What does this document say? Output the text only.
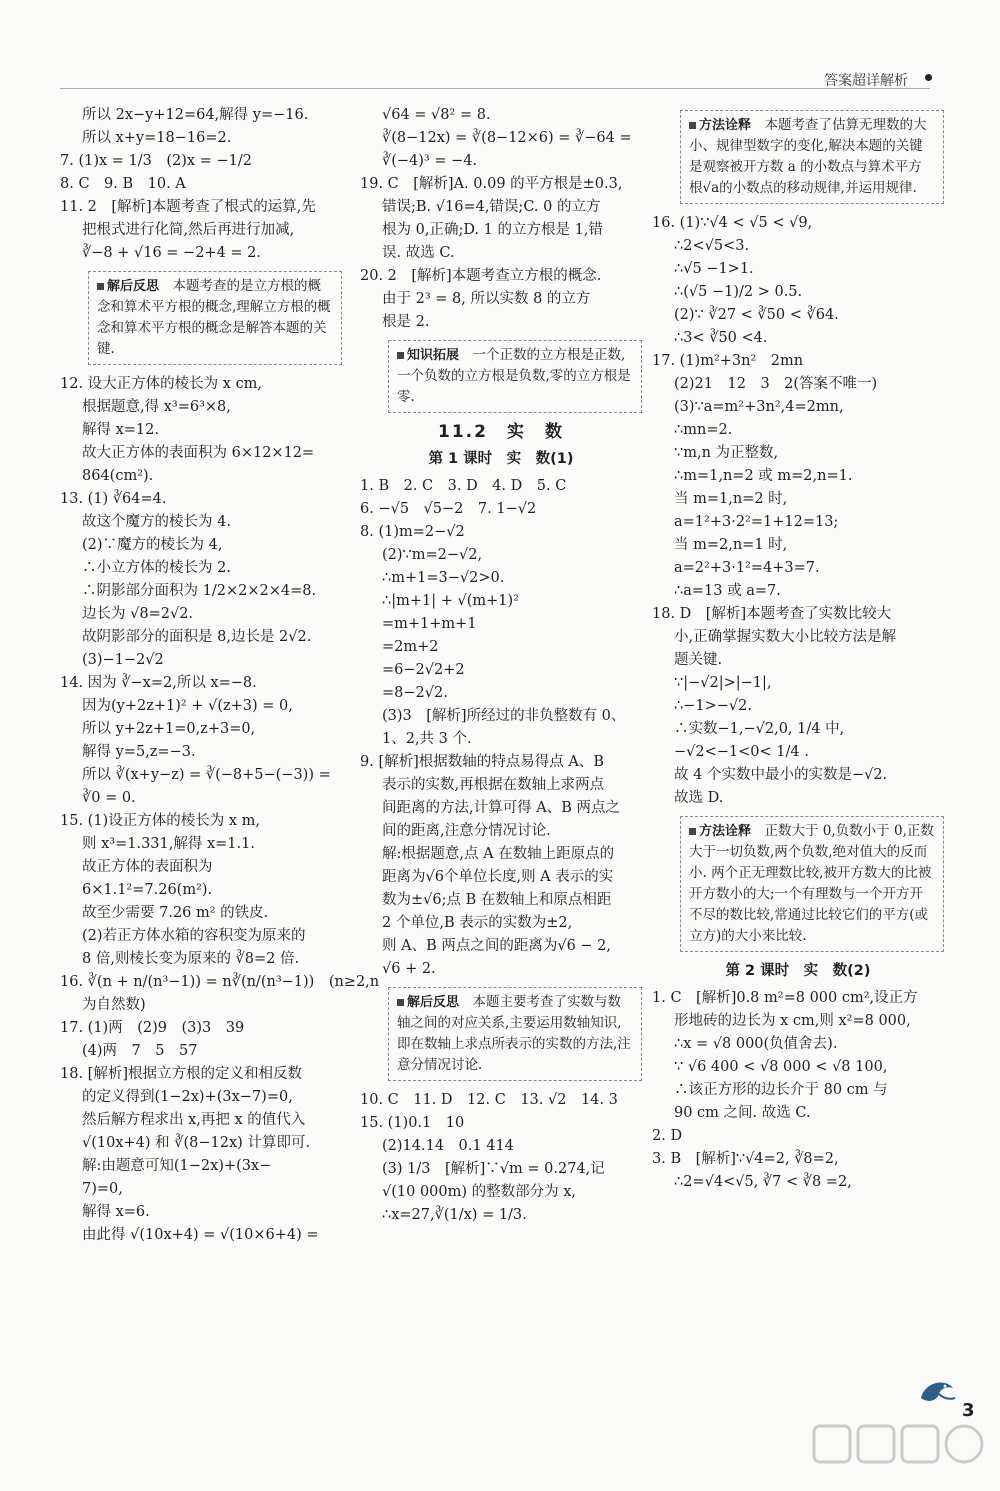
答案超详解析
所以 2x−y+12=64,解得 y=−16.
所以 x+y=18−16=2.
7. (1)x = 1/3　(2)x = −1/2
8. C　9. B　10. A
11. 2　[解析]本题考查了根式的运算,先
把根式进行化简,然后再进行加减,
∛−8 + √16 = −2+4 = 2.
解后反思　本题考查的是立方根的概念和算术平方根的概念,理解立方根的概念和算术平方根的概念是解答本题的关键.
12. 设大正方体的棱长为 x cm,
根据题意,得 x³=6³×8,
解得 x=12.
故大正方体的表面积为 6×12×12=
864(cm²).
13. (1) ∛64=4.
故这个魔方的棱长为 4.
(2)∵魔方的棱长为 4,
∴小立方体的棱长为 2.
∴阴影部分面积为 1/2×2×2×4=8.
边长为 √8=2√2.
故阴影部分的面积是 8,边长是 2√2.
(3)−1−2√2
14. 因为 ∛−x=2,所以 x=−8.
因为(y+2z+1)² + √(z+3) = 0,
所以 y+2z+1=0,z+3=0,
解得 y=5,z=−3.
所以 ∛(x+y−z) = ∛(−8+5−(−3)) =
∛0 = 0.
15. (1)设正方体的棱长为 x m,
则 x³=1.331,解得 x=1.1.
故正方体的表面积为
6×1.1²=7.26(m²).
故至少需要 7.26 m² 的铁皮.
(2)若正方体水箱的容积变为原来的
8 倍,则棱长变为原来的 ∛8=2 倍.
16. ∛(n + n/(n³−1)) = n∛(n/(n³−1))　(n≥2,n
为自然数)
17. (1)两　(2)9　(3)3　39
(4)两　7　5　57
18. [解析]根据立方根的定义和相反数
的定义得到(1−2x)+(3x−7)=0,
然后解方程求出 x,再把 x 的值代入
√(10x+4) 和 ∛(8−12x) 计算即可.
解:由题意可知(1−2x)+(3x−
7)=0,
解得 x=6.
由此得 √(10x+4) = √(10×6+4) =
√64 = √8² = 8.
∛(8−12x) = ∛(8−12×6) = ∛−64 =
∛(−4)³ = −4.
19. C　[解析]A. 0.09 的平方根是±0.3,
错误;B. √16=4,错误;C. 0 的立方
根为 0,正确;D. 1 的立方根是 1,错
误. 故选 C.
20. 2　[解析]本题考查立方根的概念.
由于 2³ = 8, 所以实数 8 的立方
根是 2.
知识拓展　一个正数的立方根是正数,一个负数的立方根是负数,零的立方根是零.
11.2　实　数
第 1 课时　实　数(1)
1. B　2. C　3. D　4. D　5. C
6. −√5　√5−2　7. 1−√2
8. (1)m=2−√2
(2)∵m=2−√2,
∴m+1=3−√2>0.
∴|m+1| + √(m+1)²
=m+1+m+1
=2m+2
=6−2√2+2
=8−2√2.
(3)3　[解析]所经过的非负整数有 0、
1、2,共 3 个.
9. [解析]根据数轴的特点易得点 A、B
表示的实数,再根据在数轴上求两点
间距离的方法,计算可得 A、B 两点之
间的距离,注意分情况讨论.
解:根据题意,点 A 在数轴上距原点的
距离为√6个单位长度,则 A 表示的实
数为±√6;点 B 在数轴上和原点相距
2 个单位,B 表示的实数为±2,
则 A、B 两点之间的距离为√6 − 2,
√6 + 2.
解后反思　本题主要考查了实数与数轴之间的对应关系,主要运用数轴知识,即在数轴上求点所表示的实数的方法,注意分情况讨论.
10. C　11. D　12. C　13. √2　14. 3
15. (1)0.1　10
(2)14.14　0.1 414
(3) 1/3　[解析]∵√m = 0.274,记
√(10 000m) 的整数部分为 x,
∴x=27,∛(1/x) = 1/3.
方法诠释　本题考查了估算无理数的大小、规律型数字的变化,解决本题的关键是观察被开方数 a 的小数点与算术平方根√a的小数点的移动规律,并运用规律.
16. (1)∵√4 < √5 < √9,
∴2<√5<3.
∴√5 −1>1.
∴(√5 −1)/2 > 0.5.
(2)∵ ∛27 < ∛50 < ∛64.
∴3< ∛50 <4.
17. (1)m²+3n²　2mn
(2)21　12　3　2(答案不唯一)
(3)∵a=m²+3n²,4=2mn,
∴mn=2.
∵m,n 为正整数,
∴m=1,n=2 或 m=2,n=1.
当 m=1,n=2 时,
a=1²+3·2²=1+12=13;
当 m=2,n=1 时,
a=2²+3·1²=4+3=7.
∴a=13 或 a=7.
18. D　[解析]本题考查了实数比较大
小,正确掌握实数大小比较方法是解
题关键.
∵|−√2|>|−1|,
∴−1>−√2.
∴实数−1,−√2,0, 1/4 中,
−√2<−1<0< 1/4 .
故 4 个实数中最小的实数是−√2.
故选 D.
方法诠释　正数大于 0,负数小于 0,正数大于一切负数,两个负数,绝对值大的反而小. 两个正无理数比较,被开方数大的比被开方数小的大;一个有理数与一个开方开不尽的数比较,常通过比较它们的平方(或立方)的大小来比较.
第 2 课时　实　数(2)
1. C　[解析]0.8 m²=8 000 cm²,设正方
形地砖的边长为 x cm,则 x²=8 000,
∴x = √8 000(负值舍去).
∵ √6 400 < √8 000 < √8 100,
∴该正方形的边长介于 80 cm 与
90 cm 之间. 故选 C.
2. D
3. B　[解析]∵√4=2, ∛8=2,
∴2=√4<√5, ∛7 < ∛8 =2,
3
